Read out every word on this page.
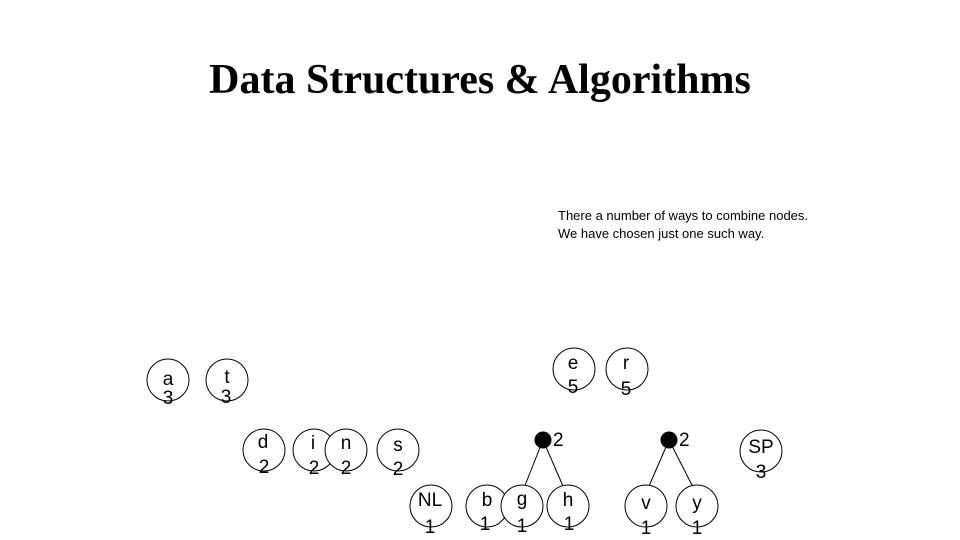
Data Structures & Algorithms
There a number of ways to combine nodes.
We have chosen just one such way.
a	t
e r
d i n s	SP
NL b g h	v y
3 3	5 5
2 2 2 2	3
1 1 1 1	1 1
2	2
